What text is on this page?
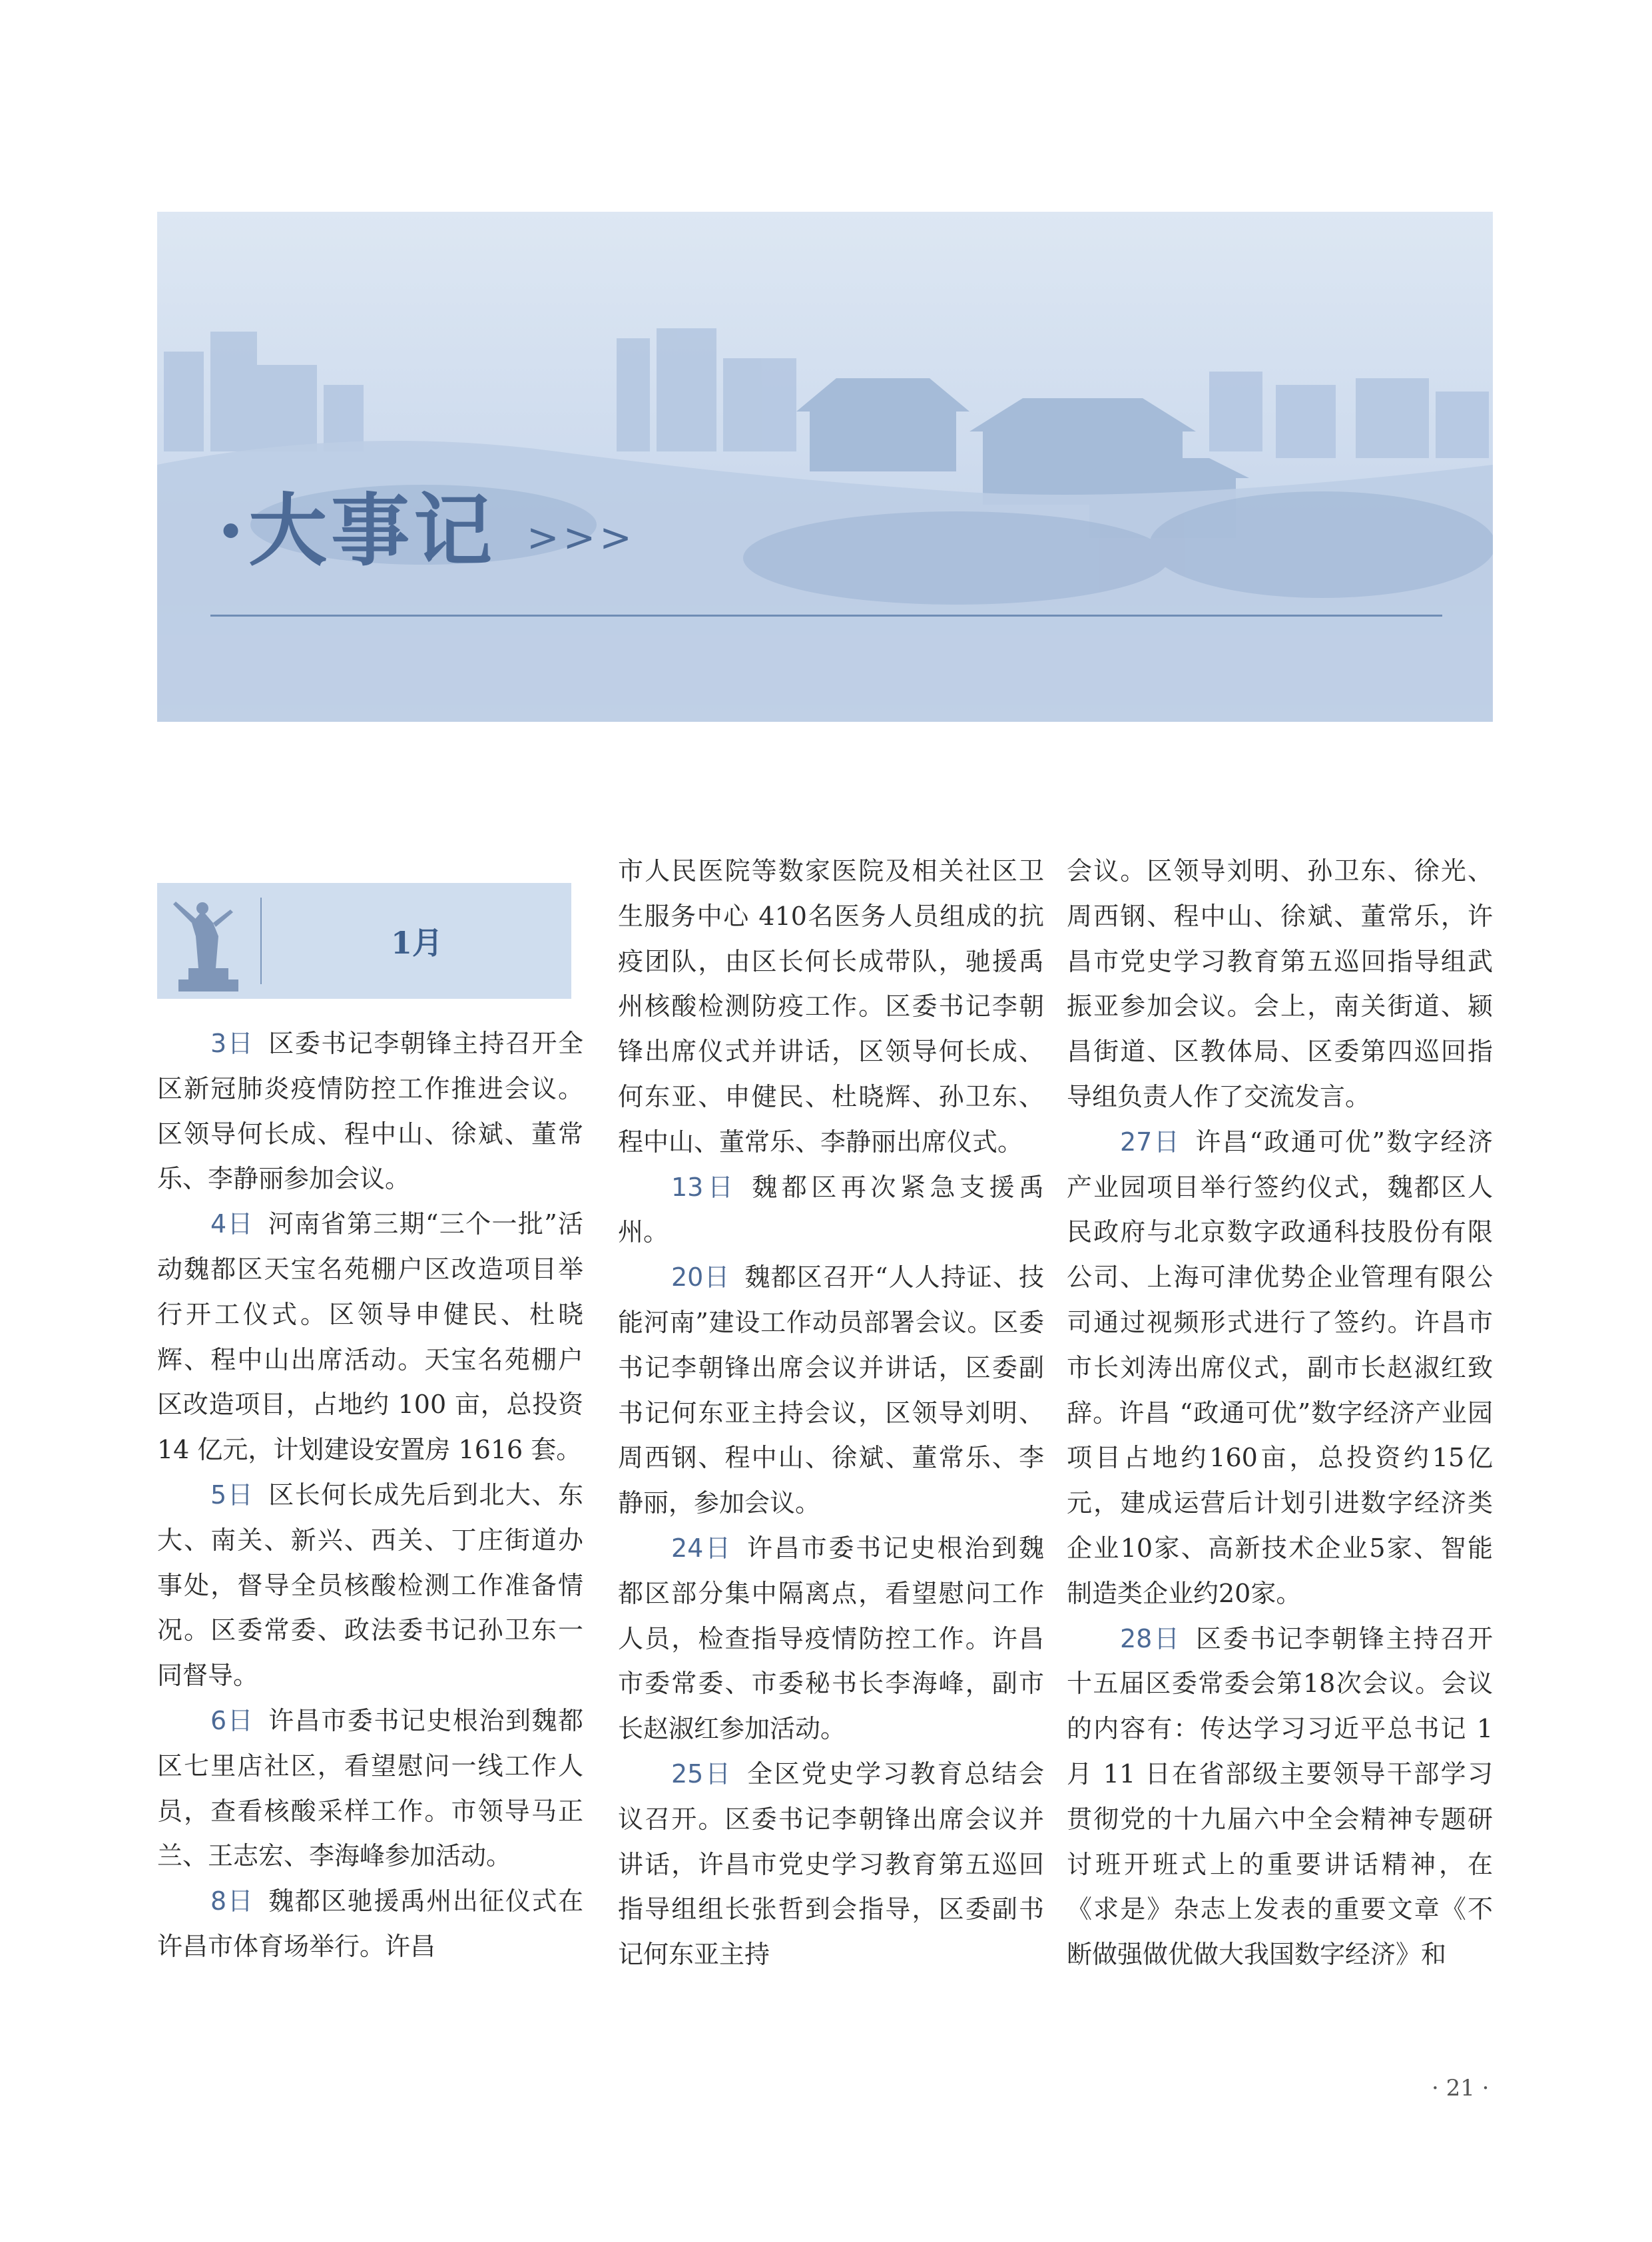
·大事记 >>>
1月

3日 区委书记李朝锋主持召开全区新冠肺炎疫情防控工作推进会议。区领导何长成、程中山、徐斌、董常乐、李静丽参加会议。

4日 河南省第三期“三个一批”活动魏都区天宝名苑棚户区改造项目举行开工仪式。区领导申健民、杜晓辉、程中山出席活动。天宝名苑棚户区改造项目，占地约 100 亩，总投资 14 亿元，计划建设安置房 1616 套。

5日 区长何长成先后到北大、东大、南关、新兴、西关、丁庄街道办事处，督导全员核酸检测工作准备情况。区委常委、政法委书记孙卫东一同督导。

6日 许昌市委书记史根治到魏都区七里店社区，看望慰问一线工作人员，查看核酸采样工作。市领导马正兰、王志宏、李海峰参加活动。

8日 魏都区驰援禹州出征仪式在许昌市体育场举行。许昌

市人民医院等数家医院及相关社区卫生服务中心 410名医务人员组成的抗疫团队，由区长何长成带队，驰援禹州核酸检测防疫工作。区委书记李朝锋出席仪式并讲话，区领导何长成、何东亚、申健民、杜晓辉、孙卫东、程中山、董常乐、李静丽出席仪式。

13日 魏都区再次紧急支援禹州。

20日 魏都区召开“人人持证、技能河南”建设工作动员部署会议。区委书记李朝锋出席会议并讲话，区委副书记何东亚主持会议，区领导刘明、周西钢、程中山、徐斌、董常乐、李静丽，参加会议。

24日 许昌市委书记史根治到魏都区部分集中隔离点，看望慰问工作人员，检查指导疫情防控工作。许昌市委常委、市委秘书长李海峰，副市长赵淑红参加活动。

25日 全区党史学习教育总结会议召开。区委书记李朝锋出席会议并讲话，许昌市党史学习教育第五巡回指导组组长张哲到会指导，区委副书记何东亚主持

会议。区领导刘明、孙卫东、徐光、周西钢、程中山、徐斌、董常乐，许昌市党史学习教育第五巡回指导组武振亚参加会议。会上，南关街道、颍昌街道、区教体局、区委第四巡回指导组负责人作了交流发言。

27日 许昌“政通可优”数字经济产业园项目举行签约仪式，魏都区人民政府与北京数字政通科技股份有限公司、上海可津优势企业管理有限公司通过视频形式进行了签约。许昌市市长刘涛出席仪式，副市长赵淑红致辞。许昌 “政通可优”数字经济产业园项目占地约160亩，总投资约15亿元，建成运营后计划引进数字经济类企业10家、高新技术企业5家、智能制造类企业约20家。

28日 区委书记李朝锋主持召开十五届区委常委会第18次会议。会议的内容有：传达学习习近平总书记 1 月 11 日在省部级主要领导干部学习贯彻党的十九届六中全会精神专题研讨班开班式上的重要讲话精神，在《求是》杂志上发表的重要文章《不断做强做优做大我国数字经济》和

· 21 ·
